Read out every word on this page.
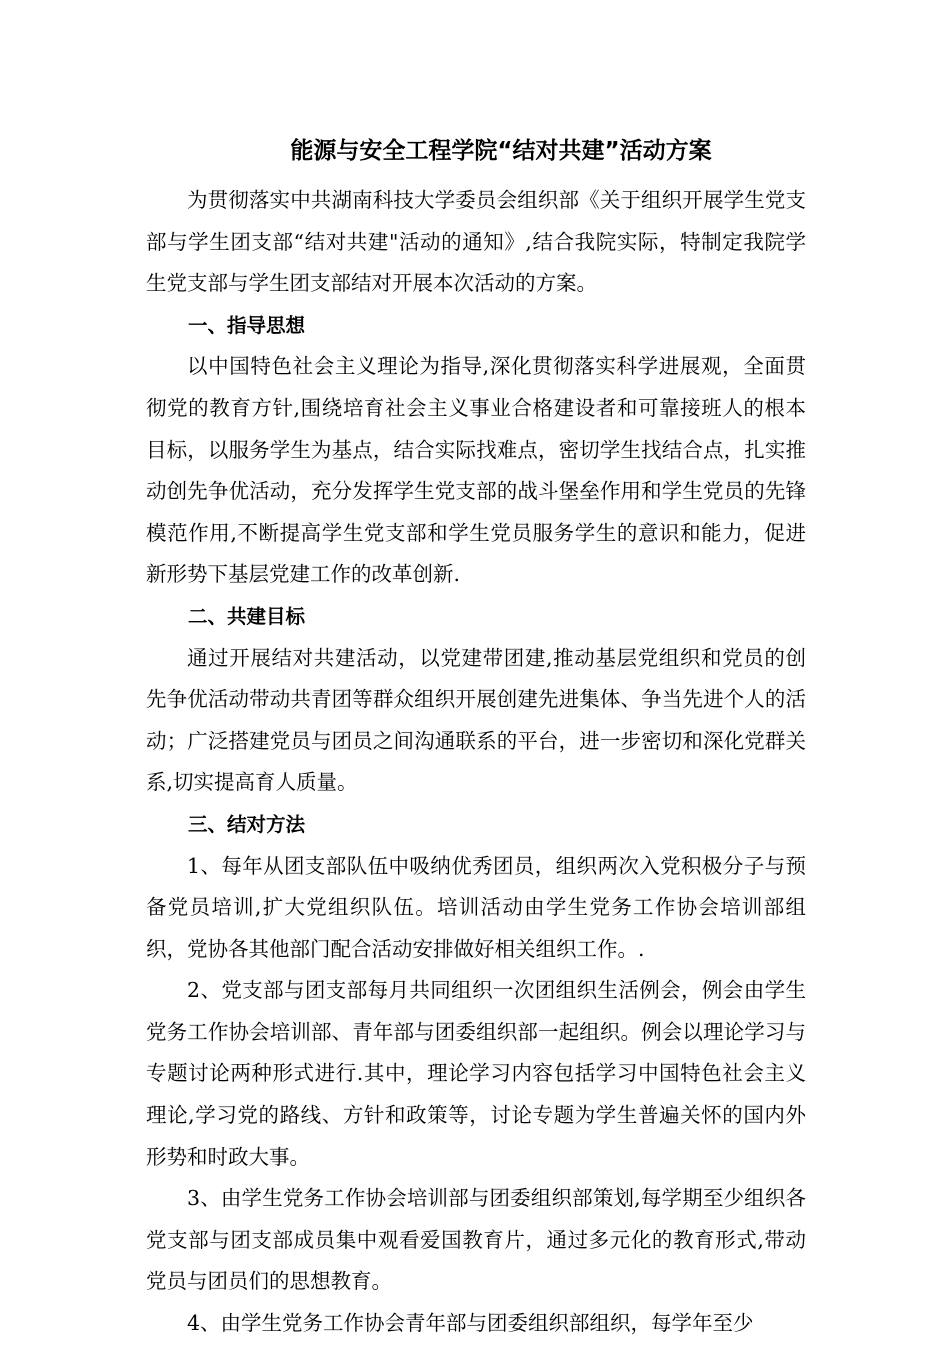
能源与安全工程学院“结对共建”活动方案

为贯彻落实中共湖南科技大学委员会组织部《关于组织开展学生党支部与学生团支部“结对共建"活动的通知》,结合我院实际，特制定我院学生党支部与学生团支部结对开展本次活动的方案。

一、指导思想

以中国特色社会主义理论为指导,深化贯彻落实科学进展观，全面贯彻党的教育方针,围绕培育社会主义事业合格建设者和可靠接班人的根本目标，以服务学生为基点，结合实际找难点，密切学生找结合点，扎实推动创先争优活动，充分发挥学生党支部的战斗堡垒作用和学生党员的先锋模范作用,不断提高学生党支部和学生党员服务学生的意识和能力，促进新形势下基层党建工作的改革创新.

二、共建目标

通过开展结对共建活动，以党建带团建,推动基层党组织和党员的创先争优活动带动共青团等群众组织开展创建先进集体、争当先进个人的活动；广泛搭建党员与团员之间沟通联系的平台，进一步密切和深化党群关系,切实提高育人质量。

三、结对方法

1、每年从团支部队伍中吸纳优秀团员，组织两次入党积极分子与预备党员培训,扩大党组织队伍。培训活动由学生党务工作协会培训部组织，党协各其他部门配合活动安排做好相关组织工作。.

2、党支部与团支部每月共同组织一次团组织生活例会，例会由学生党务工作协会培训部、青年部与团委组织部一起组织。例会以理论学习与专题讨论两种形式进行.其中，理论学习内容包括学习中国特色社会主义理论,学习党的路线、方针和政策等，讨论专题为学生普遍关怀的国内外形势和时政大事。

3、由学生党务工作协会培训部与团委组织部策划,每学期至少组织各党支部与团支部成员集中观看爱国教育片，通过多元化的教育形式,带动党员与团员们的思想教育。

4、由学生党务工作协会青年部与团委组织部组织，每学年至少
